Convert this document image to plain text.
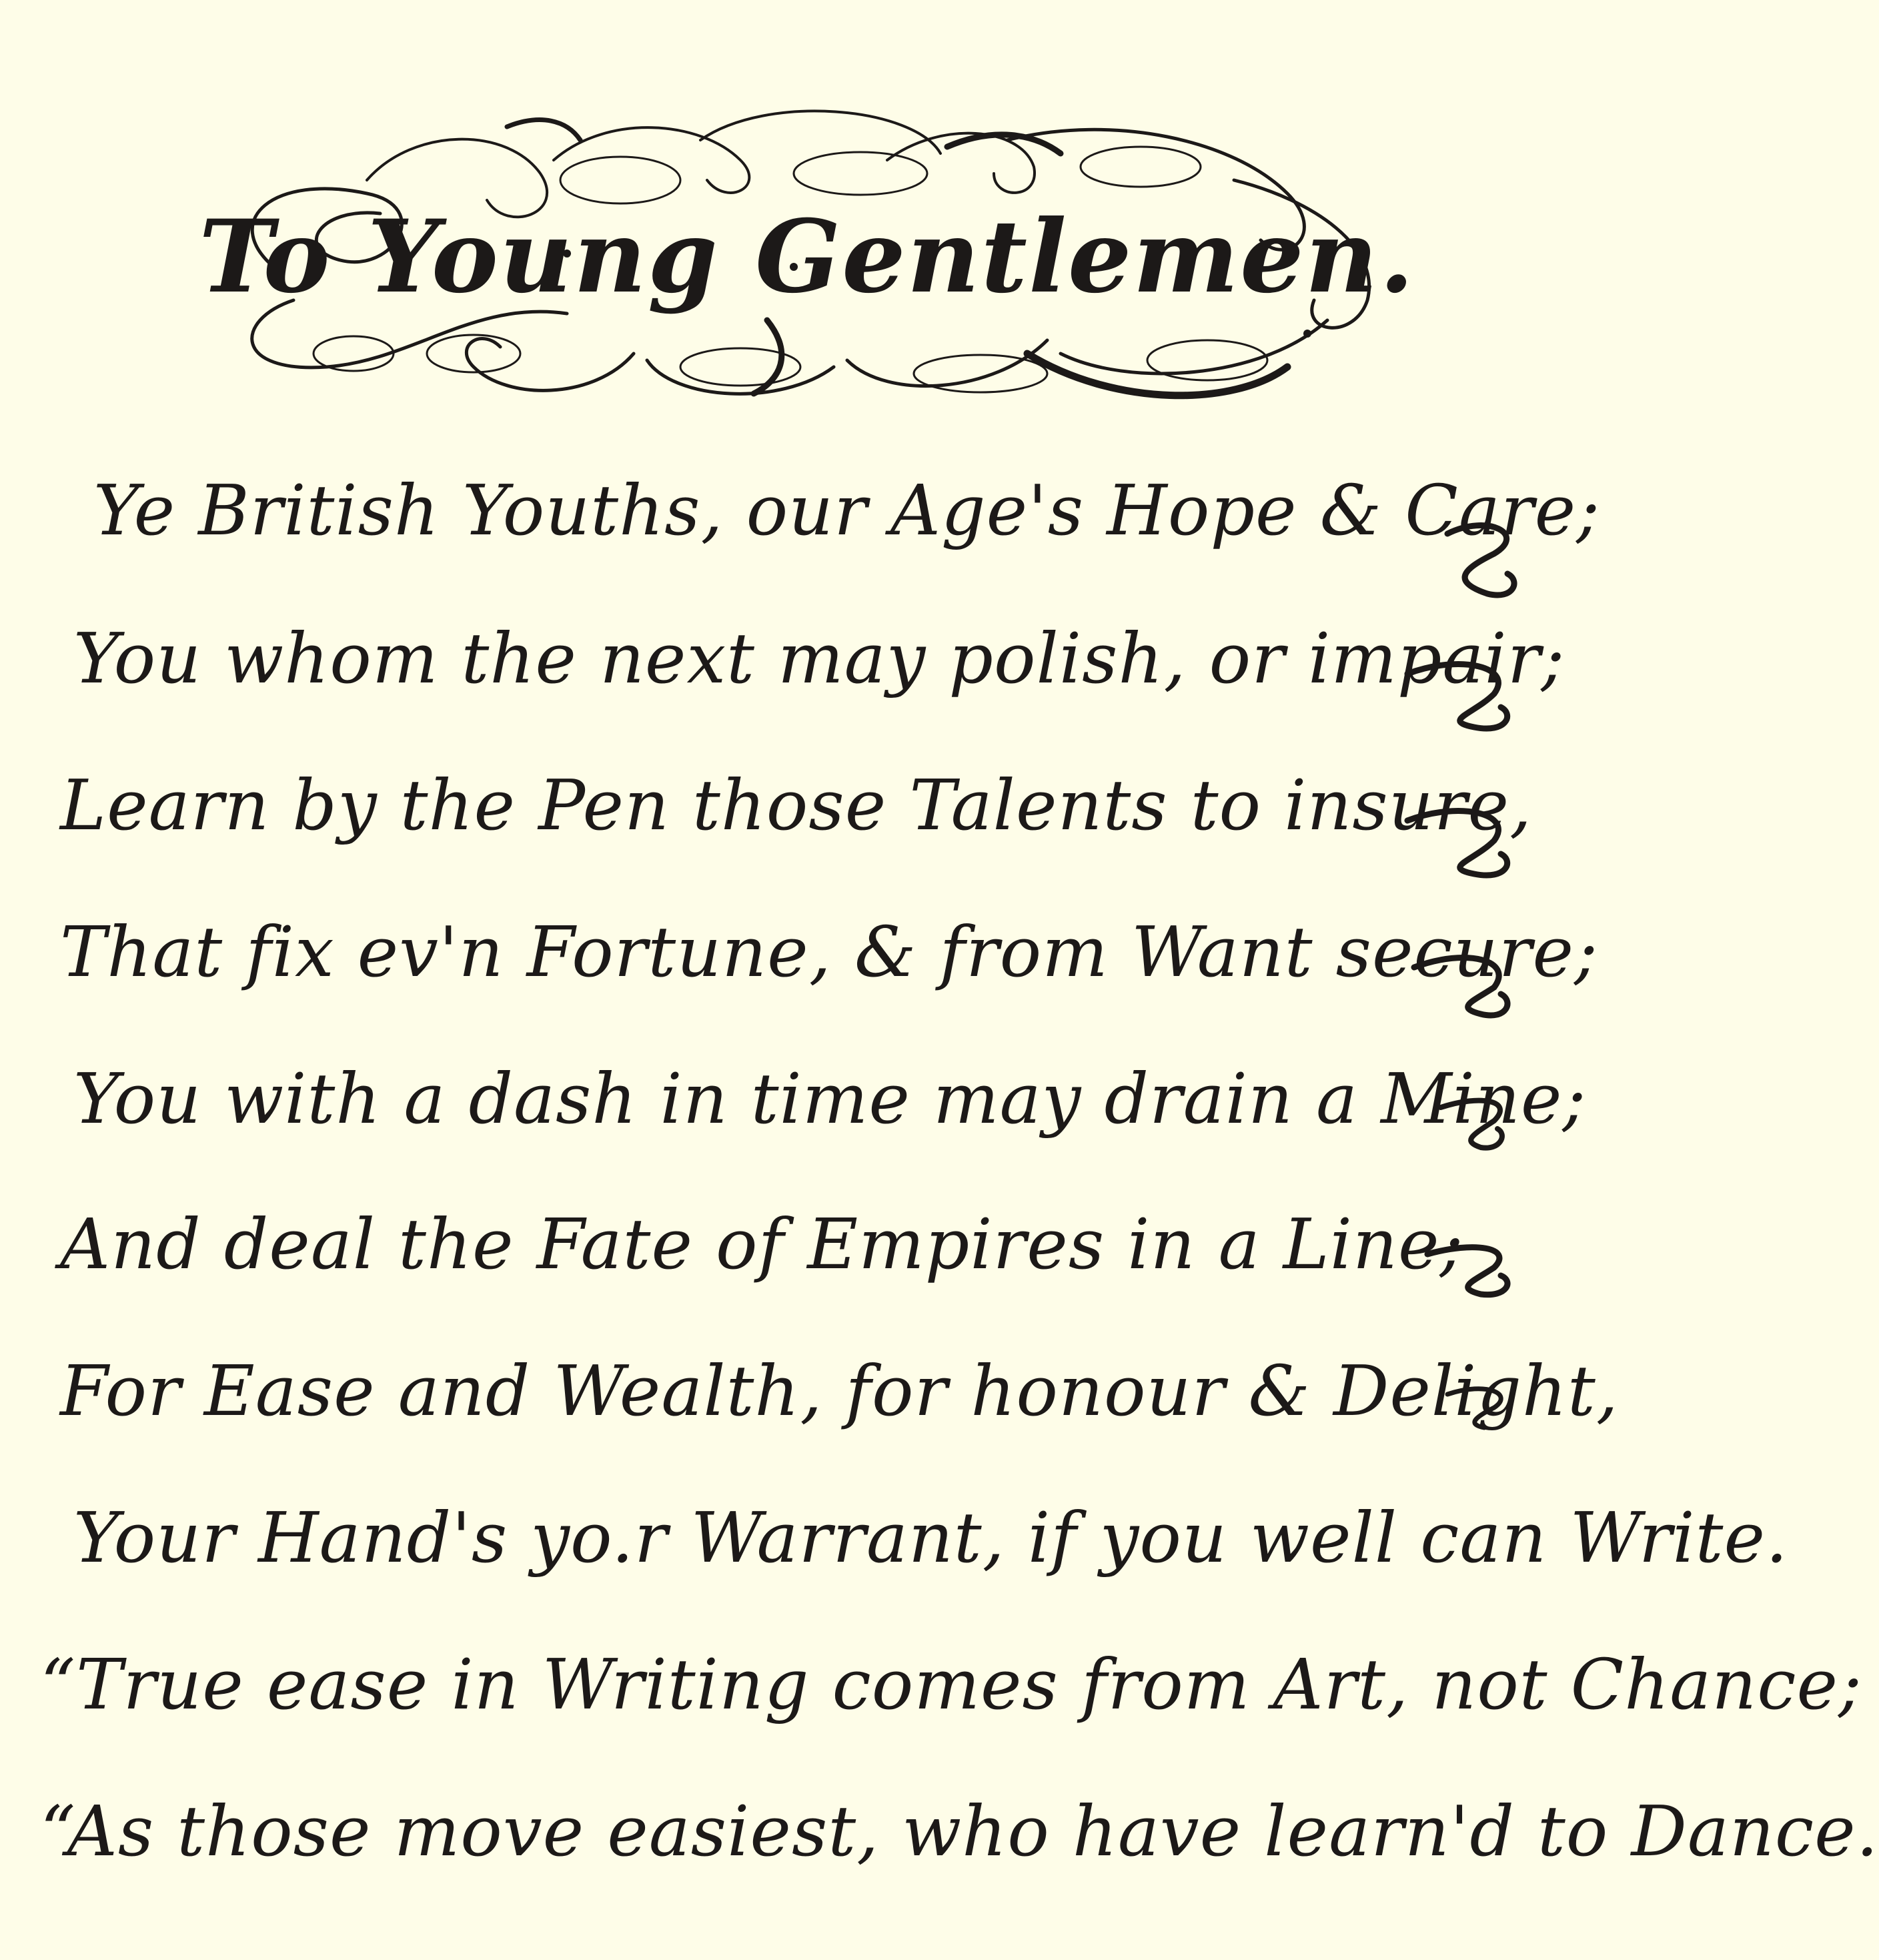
To Young Gentlemen.
Ye British Youths, our Age's Hope & Care;
You whom the next may polish, or impair;
Learn by the Pen those Talents to insure,
That fix ev'n Fortune, & from Want secure;
You with a dash in time may drain a Mine;
And deal the Fate of Empires in a Line;
For Ease and Wealth, for honour & Delight,
Your Hand's yo.r Warrant, if you well can Write.
“True ease in Writing comes from Art, not Chance;
“As those move easiest, who have learn'd to Dance.
